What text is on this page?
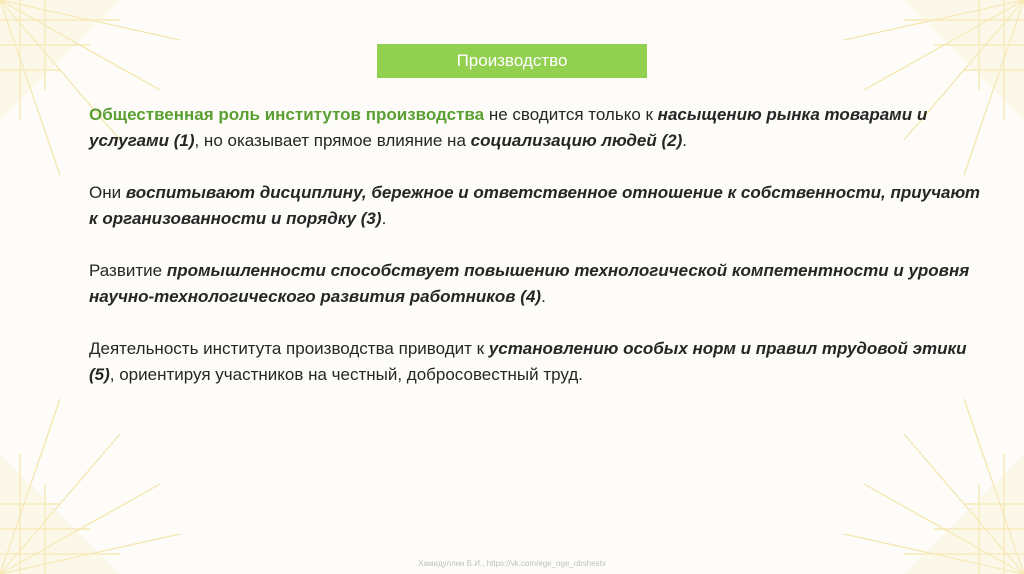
Производство

Общественная роль институтов производства не сводится только к насыщению рынка товарами и услугами (1), но оказывает прямое влияние на социализацию людей (2).

Они воспитывают дисциплину, бережное и ответственное отношение к собственности, приучают к организованности и порядку (3).

Развитие промышленности способствует повышению технологической компетентности и уровня научно-технологического развития работников (4).

Деятельность института производства приводит к установлению особых норм и правил трудовой этики (5), ориентируя участников на честный, добросовестный труд.

Хамидуллин Б.И., https://vk.com/ege_oge_obshestv
